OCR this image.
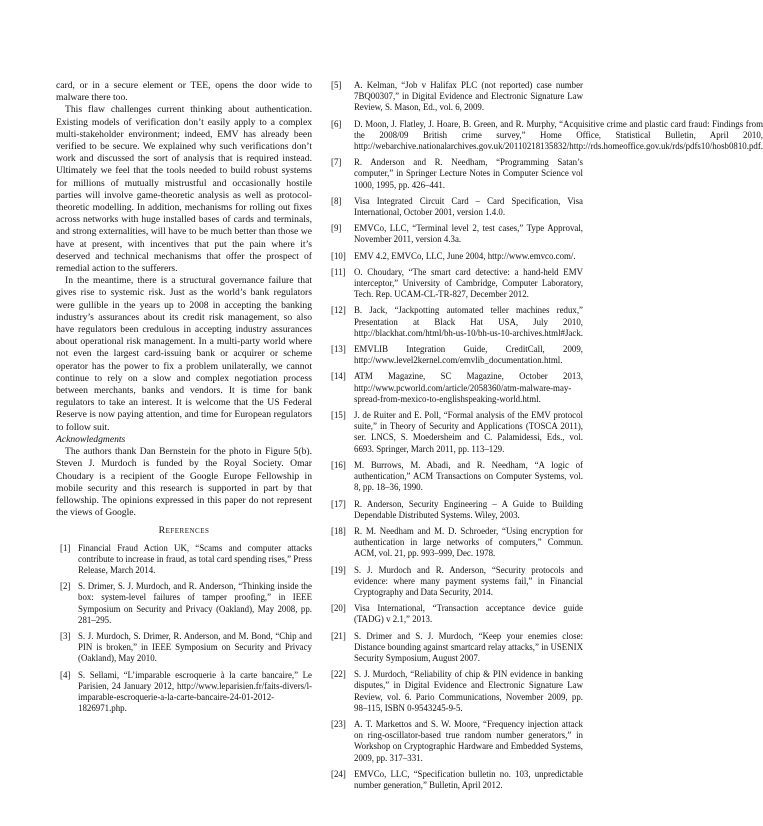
card, or in a secure element or TEE, opens the door wide to malware there too.

This flaw challenges current thinking about authentication. Existing models of verification don’t easily apply to a complex multi-stakeholder environment; indeed, EMV has already been verified to be secure. We explained why such verifications don’t work and discussed the sort of analysis that is required instead. Ultimately we feel that the tools needed to build robust systems for millions of mutually mistrustful and occasionally hostile parties will involve game-theoretic analysis as well as protocol-theoretic modelling. In addition, mechanisms for rolling out fixes across networks with huge installed bases of cards and terminals, and strong externalities, will have to be much better than those we have at present, with incentives that put the pain where it’s deserved and technical mechanisms that offer the prospect of remedial action to the sufferers.

In the meantime, there is a structural governance failure that gives rise to systemic risk. Just as the world’s bank regulators were gullible in the years up to 2008 in accepting the banking industry’s assurances about its credit risk management, so also have regulators been credulous in accepting industry assurances about operational risk management. In a multi-party world where not even the largest card-issuing bank or acquirer or scheme operator has the power to fix a problem unilaterally, we cannot continue to rely on a slow and complex negotiation process between merchants, banks and vendors. It is time for bank regulators to take an interest. It is welcome that the US Federal Reserve is now paying attention, and time for European regulators to follow suit.

Acknowledgments

The authors thank Dan Bernstein for the photo in Figure 5(b). Steven J. Murdoch is funded by the Royal Society. Omar Choudary is a recipient of the Google Europe Fellowship in mobile security and this research is supported in part by that fellowship. The opinions expressed in this paper do not represent the views of Google.

References
[1] Financial Fraud Action UK, “Scams and computer attacks contribute to increase in fraud, as total card spending rises,” Press Release, March 2014.
[2] S. Drimer, S. J. Murdoch, and R. Anderson, “Thinking inside the box: system-level failures of tamper proofing,” in IEEE Symposium on Security and Privacy (Oakland), May 2008, pp. 281–295.
[3] S. J. Murdoch, S. Drimer, R. Anderson, and M. Bond, “Chip and PIN is broken,” in IEEE Symposium on Security and Privacy (Oakland), May 2010.
[4] S. Sellami, “L’imparable escroquerie à la carte bancaire,” Le Parisien, 24 January 2012, http://www.leparisien.fr/faits-divers/l-imparable-escroquerie-a-la-carte-bancaire-24-01-2012-1826971.php.
[5]	A. Kelman, “Job v Halifax PLC (not reported) case number 7BQ00307,” in Digital Evidence and Electronic Signature Law Review, S. Mason, Ed., vol. 6, 2009.
[6]	D. Moon, J. Flatley, J. Hoare, B. Green, and R. Murphy, “Acquisitive crime and plastic card fraud: Findings from the 2008/09 British crime survey,” Home Office, Statistical Bulletin, April 2010, http://webarchive.nationalarchives.gov.uk/20110218135832/http://rds.homeoffice.gov.uk/rds/pdfs10/hosb0810.pdf.
[7]	R. Anderson and R. Needham, “Programming Satan’s computer,” in Springer Lecture Notes in Computer Science vol 1000, 1995, pp. 426–441.
[8]	Visa Integrated Circuit Card – Card Specification, Visa International, October 2001, version 1.4.0.
[9]	EMVCo, LLC, “Terminal level 2, test cases,” Type Approval, November 2011, version 4.3a.
[10] EMV 4.2, EMVCo, LLC, June 2004, http://www.emvco.com/.
[11] O. Choudary, “The smart card detective: a hand-held EMV interceptor,” University of Cambridge, Computer Laboratory, Tech. Rep. UCAM-CL-TR-827, December 2012.
[12] B. Jack, “Jackpotting automated teller machines redux,” Presentation at Black Hat USA, July 2010, http://blackhat.com/html/bh-us-10/bh-us-10-archives.html#Jack.
[13] EMVLIB Integration Guide, CreditCall, 2009, http://www.level2kernel.com/emvlib_documentation.html.
[14] ATM Magazine, SC Magazine, October 2013, http://www.pcworld.com/article/2058360/atm-malware-may-spread-from-mexico-to-englishspeaking-world.html.
[15] J. de Ruiter and E. Poll, “Formal analysis of the EMV protocol suite,” in Theory of Security and Applications (TOSCA 2011), ser. LNCS, S. Moedersheim and C. Palamidessi, Eds., vol. 6693. Springer, March 2011, pp. 113–129.
[16] M. Burrows, M. Abadi, and R. Needham, “A logic of authentication,” ACM Transactions on Computer Systems, vol. 8, pp. 18–36, 1990.
[17] R. Anderson, Security Engineering – A Guide to Building Dependable Distributed Systems. Wiley, 2003.
[18] R. M. Needham and M. D. Schroeder, “Using encryption for authentication in large networks of computers,” Commun. ACM, vol. 21, pp. 993–999, Dec. 1978.
[19] S. J. Murdoch and R. Anderson, “Security protocols and evidence: where many payment systems fail,” in Financial Cryptography and Data Security, 2014.
[20] Visa International, “Transaction acceptance device guide (TADG) v 2.1,” 2013.
[21] S. Drimer and S. J. Murdoch, “Keep your enemies close: Distance bounding against smartcard relay attacks,” in USENIX Security Symposium, August 2007.
[22] S. J. Murdoch, “Reliability of chip & PIN evidence in banking disputes,” in Digital Evidence and Electronic Signature Law Review, vol. 6. Pario Communications, November 2009, pp. 98–115, ISBN 0-9543245-9-5.
[23] A. T. Markettos and S. W. Moore, “Frequency injection attack on ring-oscillator-based true random number generators,” in Workshop on Cryptographic Hardware and Embedded Systems, 2009, pp. 317–331.
[24] EMVCo, LLC, “Specification bulletin no. 103, unpredictable number generation,” Bulletin, April 2012.
